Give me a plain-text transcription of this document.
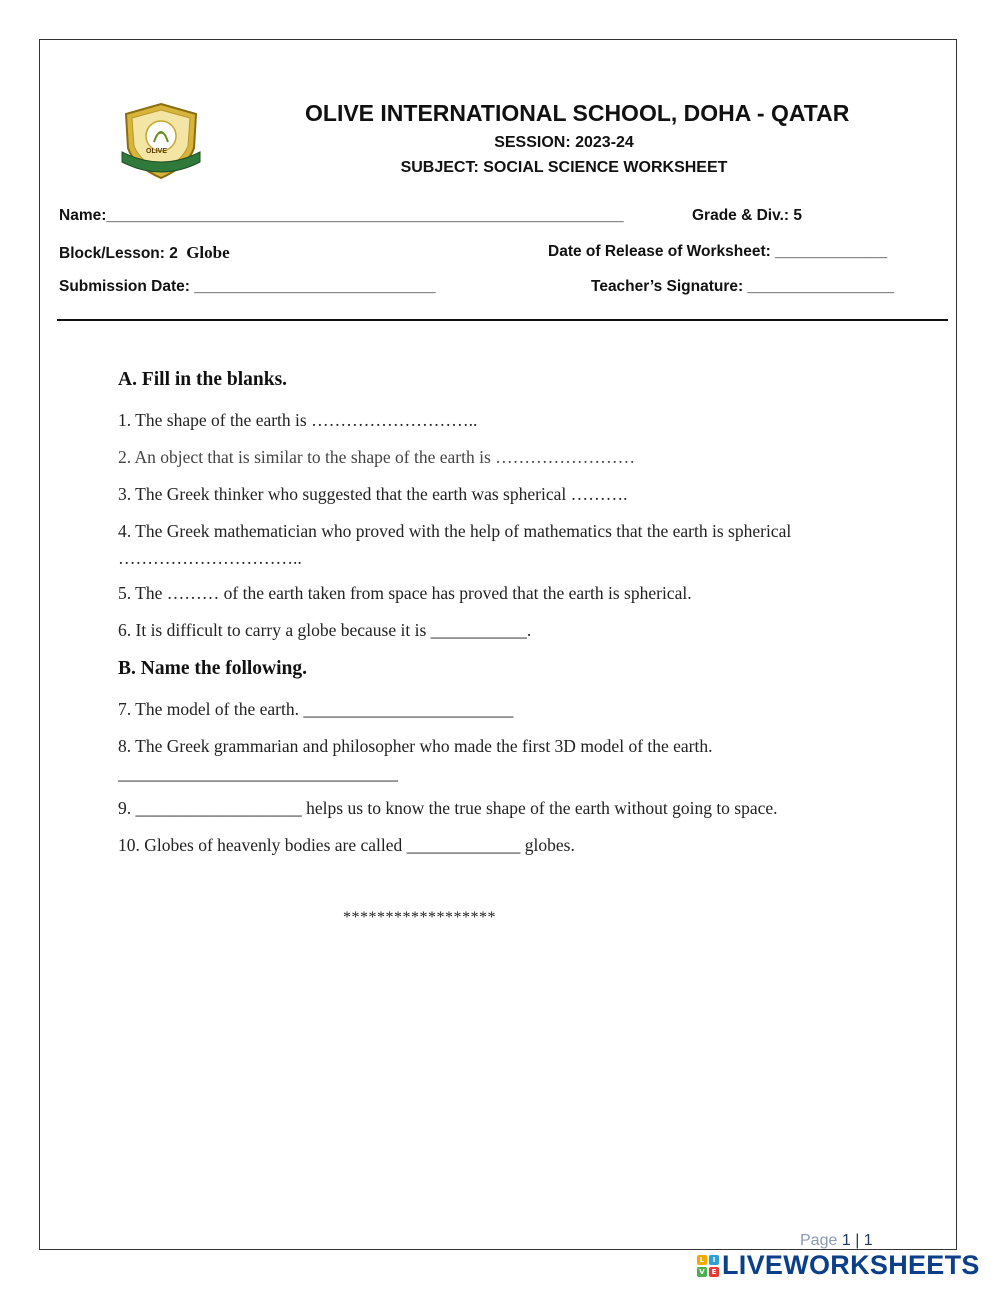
OLIVE
OLIVE INTERNATIONAL SCHOOL, DOHA - QATAR
SESSION: 2023-24
SUBJECT: SOCIAL SCIENCE WORKSHEET
Name:____________________________________________________________	Grade & Div.: 5
Block/Lesson: 2 Globe	Date of Release of Worksheet: _____________
Submission Date: ____________________________	Teacher’s Signature: _________________
A. Fill in the blanks.
1. The shape of the earth is ………………………..
2. An object that is similar to the shape of the earth is ……………………
3. The Greek thinker who suggested that the earth was spherical ……….
4. The Greek mathematician who proved with the help of mathematics that the earth is spherical
…………………………..
5. The ……… of the earth taken from space has proved that the earth is spherical.
6. It is difficult to carry a globe because it is ___________.
B. Name the following.
7. The model of the earth. ________________________
8. The Greek grammarian and philosopher who made the first 3D model of the earth.
________________________________
9. ___________________ helps us to know the true shape of the earth without going to space.
10. Globes of heavenly bodies are called _____________ globes.
******************
Page 1 | 1
L	I
V E LIVEWORKSHEETS
